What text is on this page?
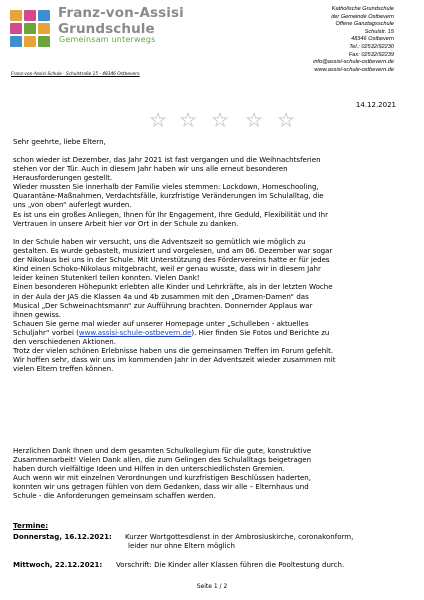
Franz-von-Assisi
Grundschule
Gemeinsam unterwegs
Katholische Grundschule
der Gemeinde Ostbevern
Offene Ganztagsschule
Schulstr. 15
48346 Ostbevern
Tel.: 02532/92230
Fax: 02532/92239
info@assisi-schule-ostbevern.de
www.assisi-schule-ostbevern.de
Franz-von-Assisi-Schule · Schulstraße 15 · 48346 Ostbevern
14.12.2021
★ ★ ★ ★ ★
Sehr geehrte, liebe Eltern,
schon wieder ist Dezember, das Jahr 2021 ist fast vergangen und die Weihnachtsferien
stehen vor der Tür. Auch in diesem Jahr haben wir uns alle erneut besonderen
Herausforderungen gestellt.
Wieder mussten Sie innerhalb der Familie vieles stemmen: Lockdown, Homeschooling,
Quarantäne-Maßnahmen, Verdachtsfälle, kurzfristige Veränderungen im Schulalltag, die
uns „von oben“ auferlegt wurden.
Es ist uns ein großes Anliegen, Ihnen für Ihr Engagement, Ihre Geduld, Flexibilität und Ihr
Vertrauen in unsere Arbeit hier vor Ort in der Schule zu danken.
In der Schule haben wir versucht, uns die Adventszeit so gemütlich wie möglich zu
gestalten. Es wurde gebastelt, musiziert und vorgelesen, und am 06. Dezember war sogar
der Nikolaus bei uns in der Schule. Mit Unterstützung des Fördervereins hatte er für jedes
Kind einen Schoko-Nikolaus mitgebracht, weil er genau wusste, dass wir in diesem Jahr
leider keinen Stutenkerl teilen konnten. Vielen Dank!
Einen besonderen Höhepunkt erlebten alle Kinder und Lehrkräfte, als in der letzten Woche
in der Aula der JAS die Klassen 4a und 4b zusammen mit den „Dramen-Damen“ das
Musical „Der Schweinachtsmann“ zur Aufführung brachten. Donnernder Applaus war
ihnen gewiss.
Schauen Sie gerne mal wieder auf unserer Homepage unter „Schulleben - aktuelles
Schuljahr“ vorbei (www.assisi-schule-ostbevern.de). Hier finden Sie Fotos und Berichte zu
den verschiedenen Aktionen.
Trotz der vielen schönen Erlebnisse haben uns die gemeinsamen Treffen im Forum gefehlt.
Wir hoffen sehr, dass wir uns im kommenden Jahr in der Adventszeit wieder zusammen mit
vielen Eltern treffen können.
Herzlichen Dank Ihnen und dem gesamten Schulkollegium für die gute, konstruktive
Zusammenarbeit! Vielen Dank allen, die zum Gelingen des Schulalltags beigetragen
haben durch vielfältige Ideen und Hilfen in den unterschiedlichsten Gremien.
Auch wenn wir mit einzelnen Verordnungen und kurzfristigen Beschlüssen haderten,
konnten wir uns getragen fühlen von dem Gedanken, dass wir alle – Elternhaus und
Schule - die Anforderungen gemeinsam schaffen werden.
Termine:
Donnerstag, 16.12.2021: Kurzer Wortgottesdienst in der Ambrosiuskirche, coronakonform,
leider nur ohne Eltern möglich
Mittwoch, 22.12.2021: Vorschrift: Die Kinder aller Klassen führen die Pooltestung durch.
Seite 1 / 2
